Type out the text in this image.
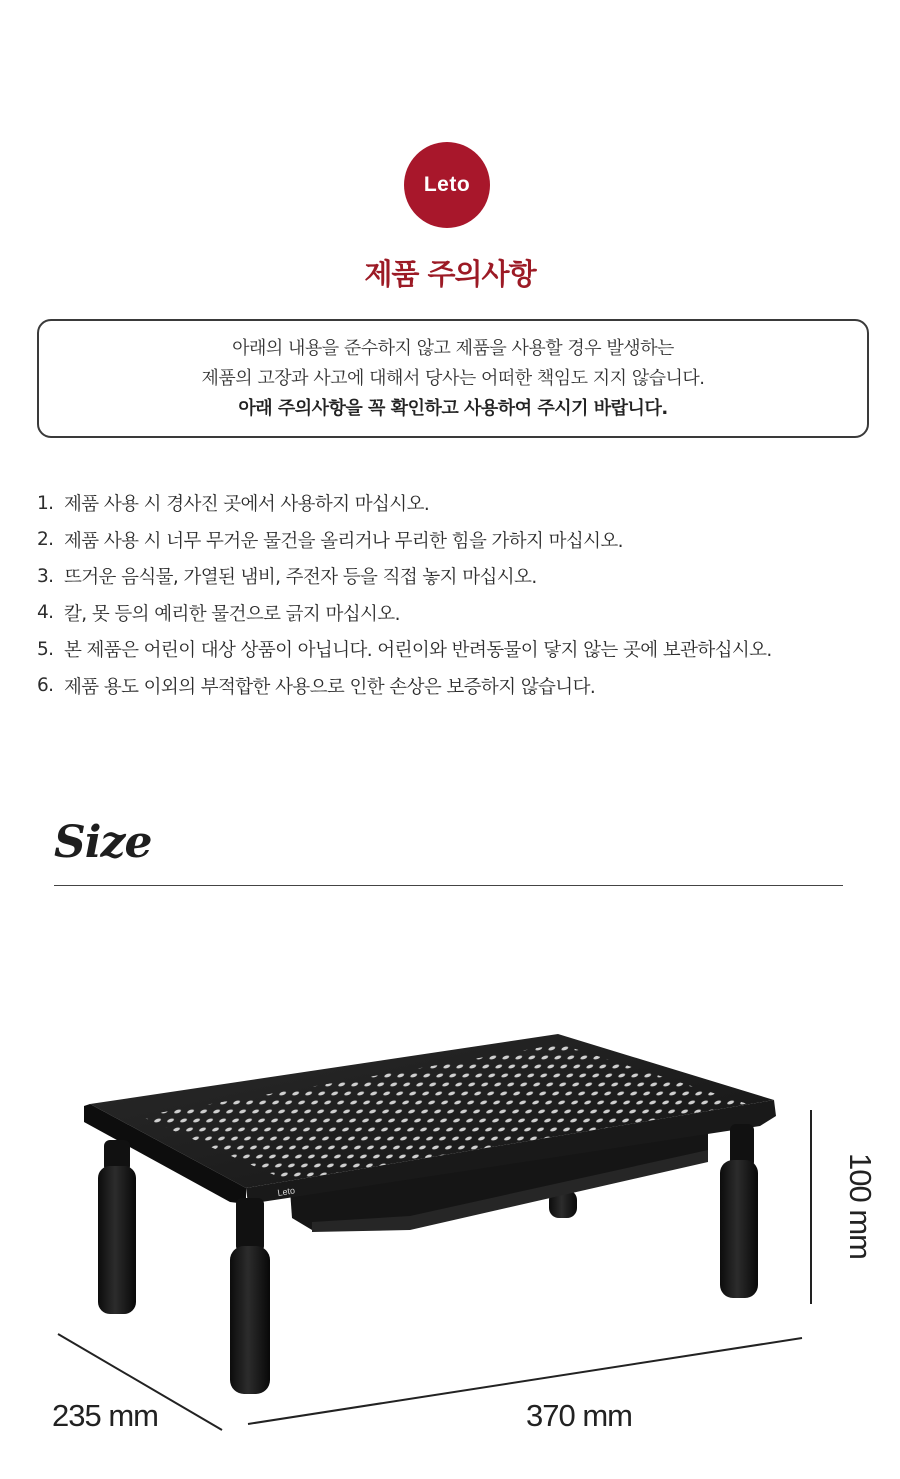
Leto
제품 주의사항
아래의 내용을 준수하지 않고 제품을 사용할 경우 발생하는
제품의 고장과 사고에 대해서 당사는 어떠한 책임도 지지 않습니다.
아래 주의사항을 꼭 확인하고 사용하여 주시기 바랍니다.
1. 제품 사용 시 경사진 곳에서 사용하지 마십시오.
2. 제품 사용 시 너무 무거운 물건을 올리거나 무리한 힘을 가하지 마십시오.
3. 뜨거운 음식물, 가열된 냄비, 주전자 등을 직접 놓지 마십시오.
4. 칼, 못 등의 예리한 물건으로 긁지 마십시오.
5. 본 제품은 어린이 대상 상품이 아닙니다. 어린이와 반려동물이 닿지 않는 곳에 보관하십시오.
6. 제품 용도 이외의 부적합한 사용으로 인한 손상은 보증하지 않습니다.
Size
Leto
235 mm	370 mm
100 mm
